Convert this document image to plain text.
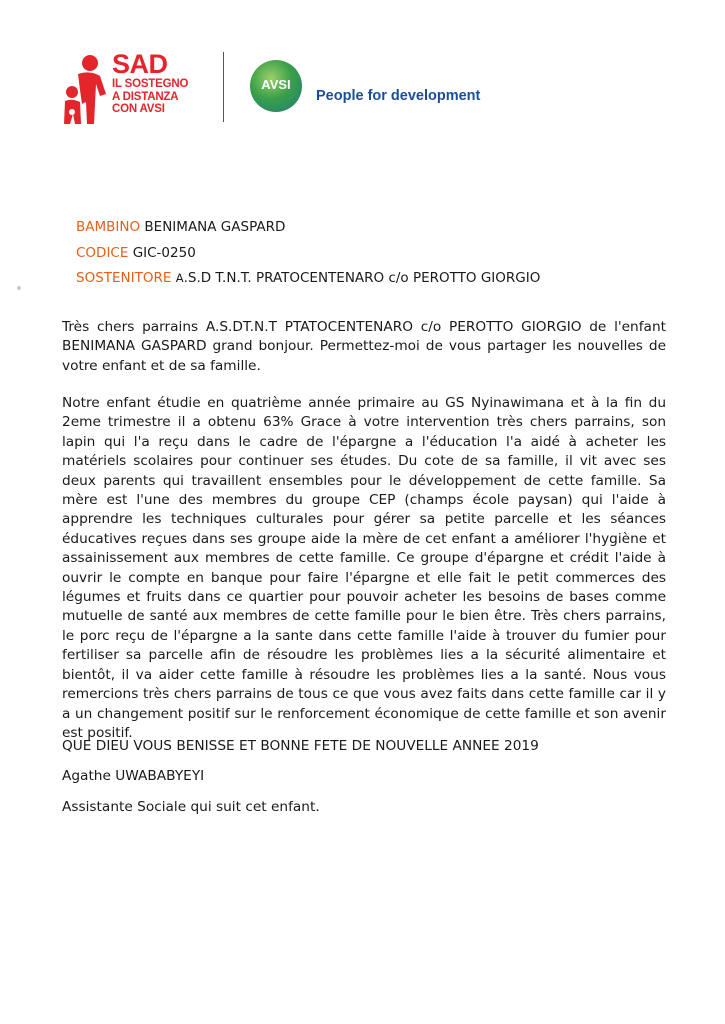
SAD
IL SOSTEGNO
A DISTANZA
CON AVSI
AVSI
People for development
BAMBINO BENIMANA GASPARD
CODICE GIC-0250
SOSTENITORE A.S.D T.N.T. PRATOCENTENARO c/o PEROTTO GIORGIO
Très chers parrains A.S.DT.N.T PTATOCENTENARO c/o PEROTTO GIORGIO de l'enfant BENIMANA GASPARD grand bonjour. Permettez-moi de vous partager les nouvelles de votre enfant et de sa famille.
Notre enfant étudie en quatrième année primaire au GS Nyinawimana et à la fin du 2eme trimestre il a obtenu 63% Grace à votre intervention très chers parrains, son lapin qui l'a reçu dans le cadre de l'épargne a l'éducation l'a aidé à acheter les matériels scolaires pour continuer ses études. Du cote de sa famille, il vit avec ses deux parents qui travaillent ensembles pour le développement de cette famille. Sa mère est l'une des membres du groupe CEP (champs école paysan) qui l'aide à apprendre les techniques culturales pour gérer sa petite parcelle et les séances éducatives reçues dans ses groupe aide la mère de cet enfant a améliorer l'hygiène et assainissement aux membres de cette famille. Ce groupe d'épargne et crédit l'aide à ouvrir le compte en banque pour faire l'épargne et elle fait le petit commerces des légumes et fruits dans ce quartier pour pouvoir acheter les besoins de bases comme mutuelle de santé aux membres de cette famille pour le bien être. Très chers parrains, le porc reçu de l'épargne a la sante dans cette famille l'aide à trouver du fumier pour fertiliser sa parcelle afin de résoudre les problèmes lies a la sécurité alimentaire et bientôt, il va aider cette famille à résoudre les problèmes lies a la santé. Nous vous remercions très chers parrains de tous ce que vous avez faits dans cette famille car il y a un changement positif sur le renforcement économique de cette famille et son avenir est positif.
QUE DIEU VOUS BENISSE ET BONNE FETE DE NOUVELLE ANNEE 2019
Agathe UWABABYEYI
Assistante Sociale qui suit cet enfant.
